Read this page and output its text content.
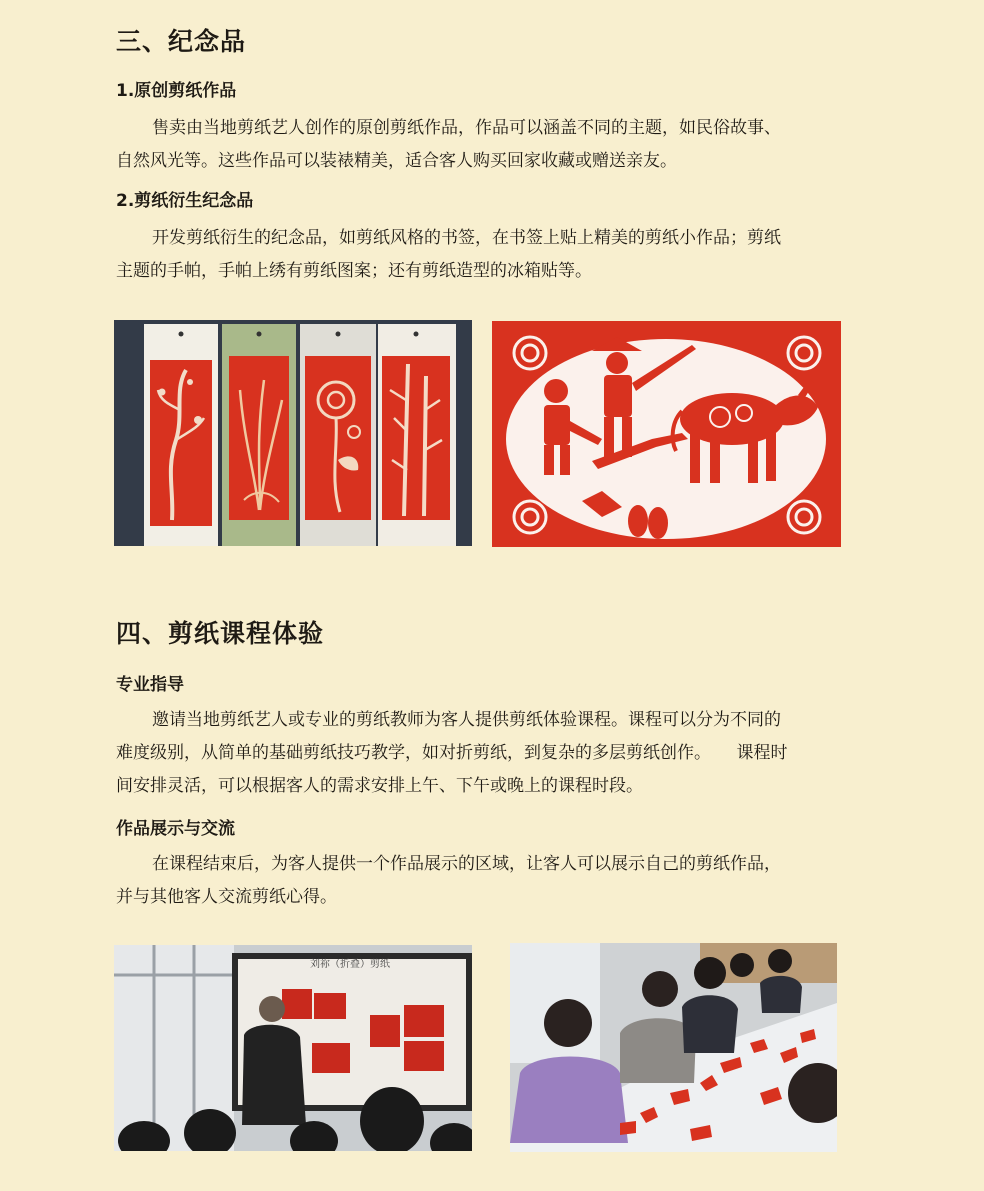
三、纪念品
1.原创剪纸作品
售卖由当地剪纸艺人创作的原创剪纸作品，作品可以涵盖不同的主题，如民俗故事、
自然风光等。这些作品可以装裱精美，适合客人购买回家收藏或赠送亲友。
2.剪纸衍生纪念品
开发剪纸衍生的纪念品，如剪纸风格的书签，在书签上贴上精美的剪纸小作品；剪纸
主题的手帕，手帕上绣有剪纸图案；还有剪纸造型的冰箱贴等。
四、剪纸课程体验
专业指导
邀请当地剪纸艺人或专业的剪纸教师为客人提供剪纸体验课程。课程可以分为不同的
难度级别，从简单的基础剪纸技巧教学，如对折剪纸，到复杂的多层剪纸创作。　　课程时
间安排灵活，可以根据客人的需求安排上午、下午或晚上的课程时段。
作品展示与交流
在课程结束后，为客人提供一个作品展示的区域，让客人可以展示自己的剪纸作品，
并与其他客人交流剪纸心得。
刘祢（折叠）剪纸
